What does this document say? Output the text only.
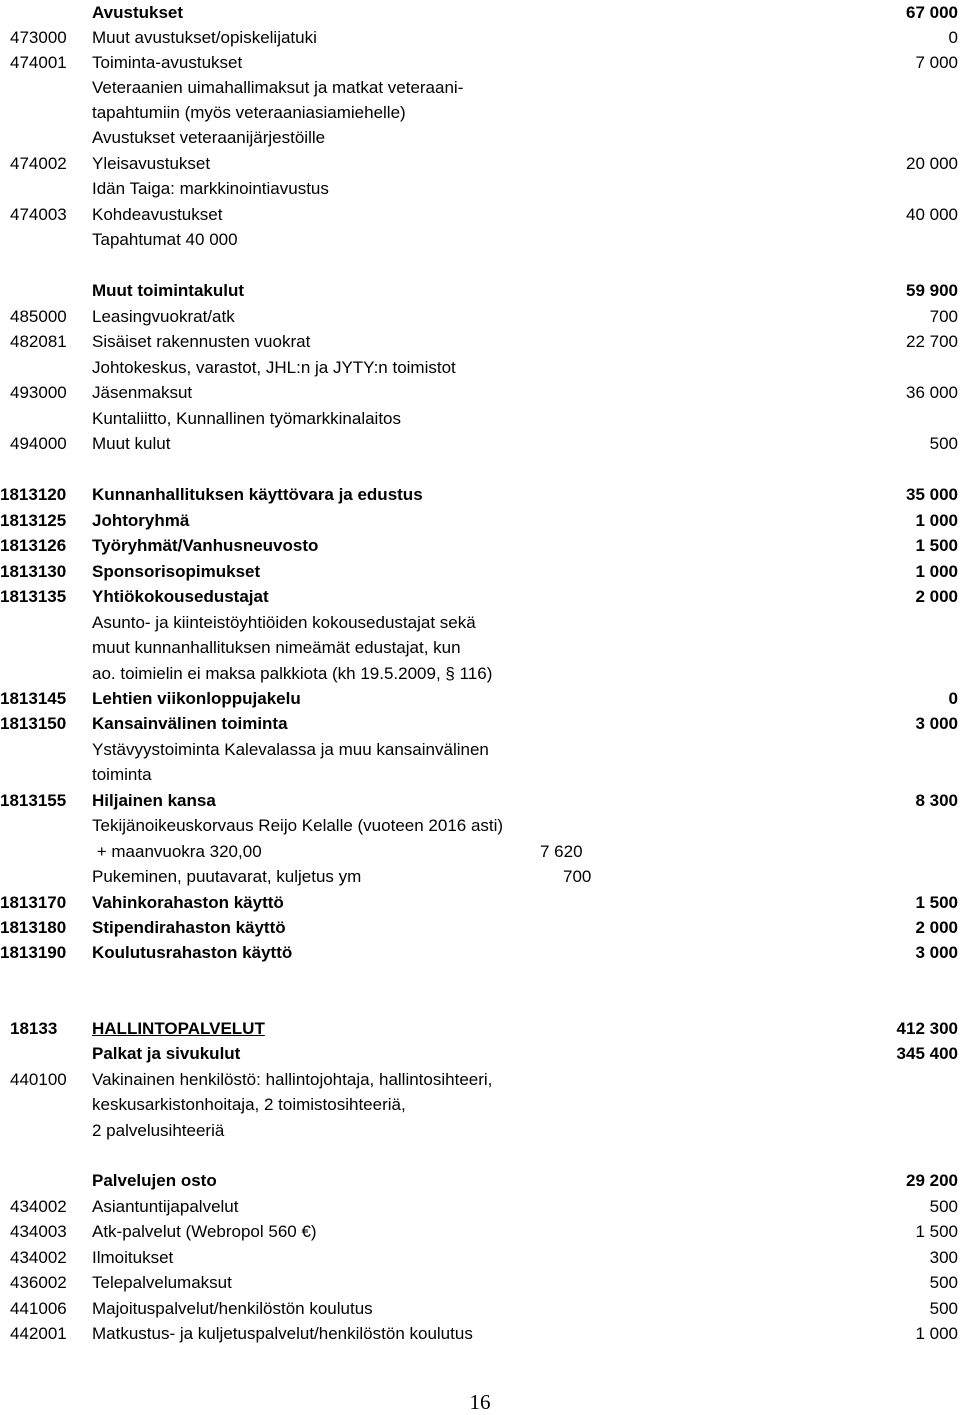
Avustukset	67 000
473000 Muut avustukset/opiskelijatuki	0
474001 Toiminta-avustukset	7 000
Veteraanien uimahallimaksut ja matkat veteraani-
tapahtumiin (myös veteraaniasiamiehelle)
Avustukset veteraanijärjestöille
474002 Yleisavustukset	20 000
Idän Taiga: markkinointiavustus
474003 Kohdeavustukset	40 000
Tapahtumat 40 000
Muut toimintakulut	59 900
485000 Leasingvuokrat/atk	700
482081 Sisäiset rakennusten vuokrat	22 700
Johtokeskus, varastot, JHL:n ja JYTY:n toimistot
493000 Jäsenmaksut	36 000
Kuntaliitto, Kunnallinen työmarkkinalaitos
494000 Muut kulut	500
1813120 Kunnanhallituksen käyttövara ja edustus	35 000
1813125 Johtoryhmä	1 000
1813126 Työryhmät/Vanhusneuvosto	1 500
1813130 Sponsorisopimukset	1 000
1813135 Yhtiökokousedustajat	2 000
Asunto- ja kiinteistöyhtiöiden kokousedustajat sekä
muut kunnanhallituksen nimeämät edustajat, kun
ao. toimielin ei maksa palkkiota (kh 19.5.2009, § 116)
1813145 Lehtien viikonloppujakelu	0
1813150 Kansainvälinen toiminta	3 000
Ystävyystoiminta Kalevalassa ja muu kansainvälinen
toiminta
1813155 Hiljainen kansa	8 300
Tekijänoikeuskorvaus Reijo Kelalle (vuoteen 2016 asti)
+ maanvuokra 320,00	7 620
Pukeminen, puutavarat, kuljetus ym	700
1813170 Vahinkorahaston käyttö	1 500
1813180 Stipendirahaston käyttö	2 000
1813190 Koulutusrahaston käyttö	3 000
18133 HALLINTOPALVELUT	412 300
Palkat ja sivukulut	345 400
440100 Vakinainen henkilöstö: hallintojohtaja, hallintosihteeri,
keskusarkistonhoitaja, 2 toimistosihteeriä,
2 palvelusihteeriä
Palvelujen osto	29 200
434002 Asiantuntijapalvelut	500
434003 Atk-palvelut (Webropol 560 €)	1 500
434002 Ilmoitukset	300
436002 Telepalvelumaksut	500
441006 Majoituspalvelut/henkilöstön koulutus	500
442001 Matkustus- ja kuljetuspalvelut/henkilöstön koulutus	1 000
16
